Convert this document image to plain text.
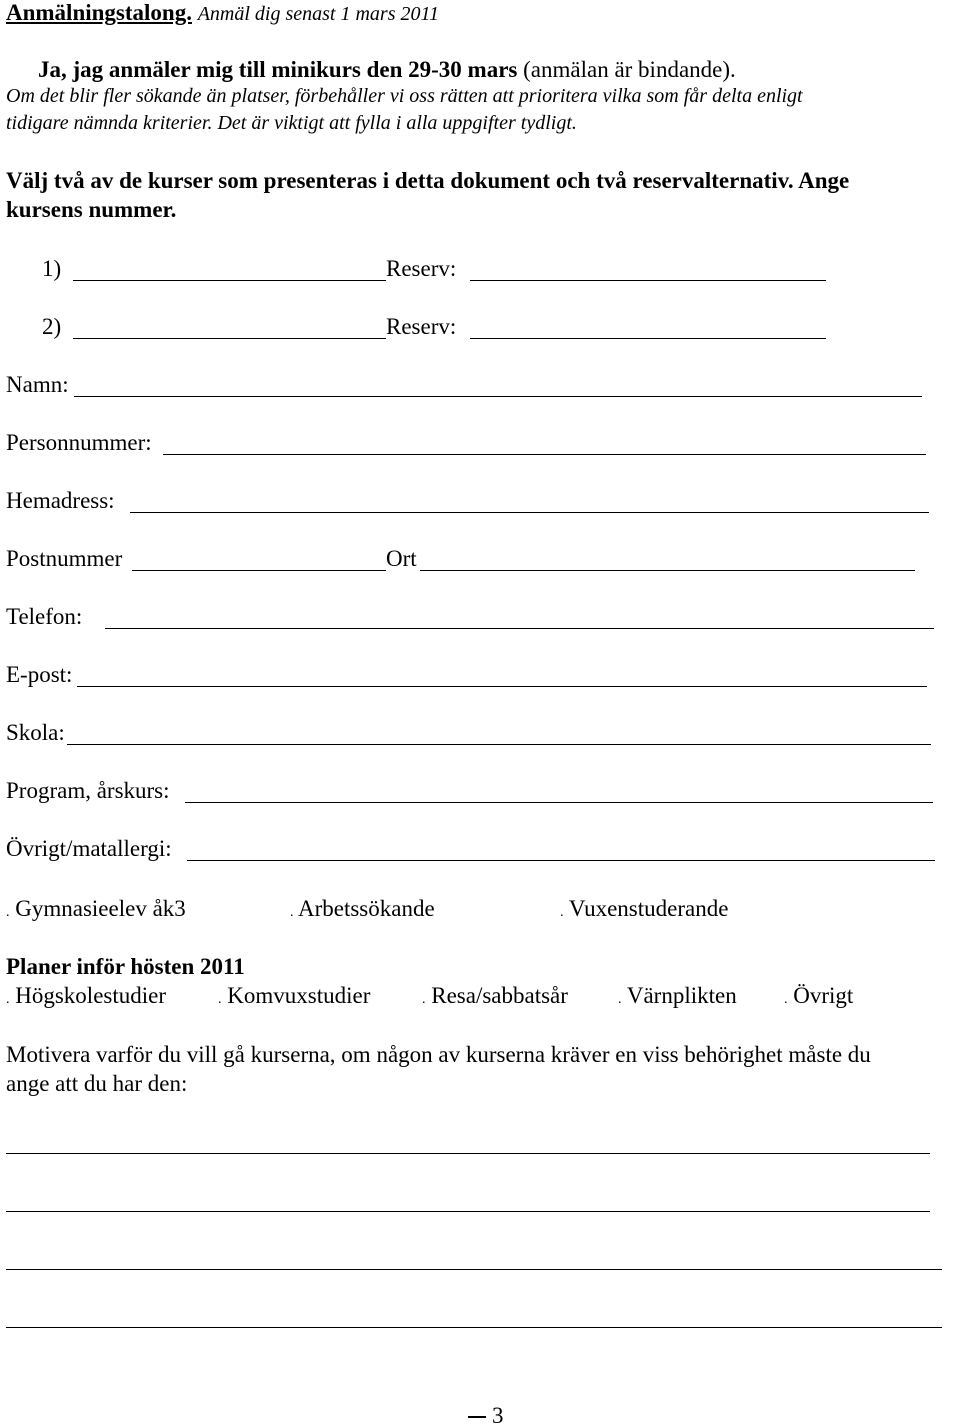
Anmälningstalong. Anmäl dig senast 1 mars 2011
Ja, jag anmäler mig till minikurs den 29-30 mars (anmälan är bindande).
Om det blir fler sökande än platser, förbehåller vi oss rätten att prioritera vilka som får delta enligt
tidigare nämnda kriterier. Det är viktigt att fylla i alla uppgifter tydligt.
Välj två av de kurser som presenteras i detta dokument och två reservalternativ. Ange
kursens nummer.
1)	Reserv:
2)	Reserv:
Namn:
Personnummer:
Hemadress:
Postnummer	Ort
Telefon:
E-post:
Skola:
Program, årskurs:
Övrigt/matallergi:
. Gymnasieelev åk3	. Arbetssökande	. Vuxenstuderande
Planer inför hösten 2011
. Högskolestudier	. Komvuxstudier	. Resa/sabbatsår	. Värnplikten	. Övrigt
Motivera varför du vill gå kurserna, om någon av kurserna kräver en viss behörighet måste du
ange att du har den:
3
